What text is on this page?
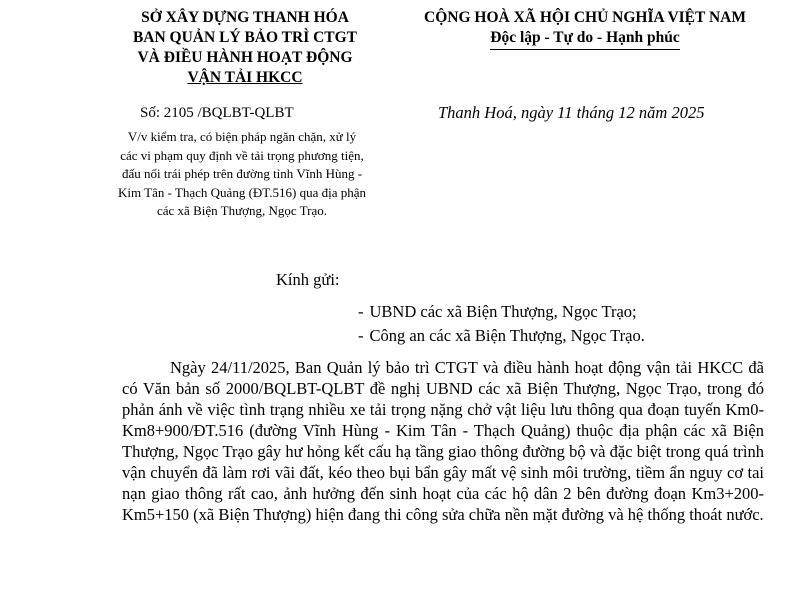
SỞ XÂY DỰNG THANH HÓA
BAN QUẢN LÝ BẢO TRÌ CTGT
VÀ ĐIỀU HÀNH HOẠT ĐỘNG
VẬN TẢI HKCC
CỘNG HOÀ XÃ HỘI CHỦ NGHĨA VIỆT NAM
Độc lập - Tự do - Hạnh phúc
Số: 2105 /BQLBT-QLBT	Thanh Hoá, ngày 11 tháng 12 năm 2025
V/v kiểm tra, có biện pháp ngăn chặn, xử lý các vi phạm quy định về tải trọng phương tiện, đấu nối trái phép trên đường tỉnh Vĩnh Hùng - Kim Tân - Thạch Quảng (ĐT.516) qua địa phận các xã Biện Thượng, Ngọc Trạo.
Kính gửi:
- UBND các xã Biện Thượng, Ngọc Trạo;
- Công an các xã Biện Thượng, Ngọc Trạo.
Ngày 24/11/2025, Ban Quản lý bảo trì CTGT và điều hành hoạt động vận tải HKCC đã có Văn bản số 2000/BQLBT-QLBT đề nghị UBND các xã Biện Thượng, Ngọc Trạo, trong đó phản ánh về việc tình trạng nhiều xe tải trọng nặng chở vật liệu lưu thông qua đoạn tuyến Km0-Km8+900/ĐT.516 (đường Vĩnh Hùng - Kim Tân - Thạch Quảng) thuộc địa phận các xã Biện Thượng, Ngọc Trạo gây hư hỏng kết cấu hạ tầng giao thông đường bộ và đặc biệt trong quá trình vận chuyển đã làm rơi vãi đất, kéo theo bụi bẩn gây mất vệ sinh môi trường, tiềm ẩn nguy cơ tai nạn giao thông rất cao, ảnh hưởng đến sinh hoạt của các hộ dân 2 bên đường đoạn Km3+200-Km5+150 (xã Biện Thượng) hiện đang thi công sửa chữa nền mặt đường và hệ thống thoát nước.
